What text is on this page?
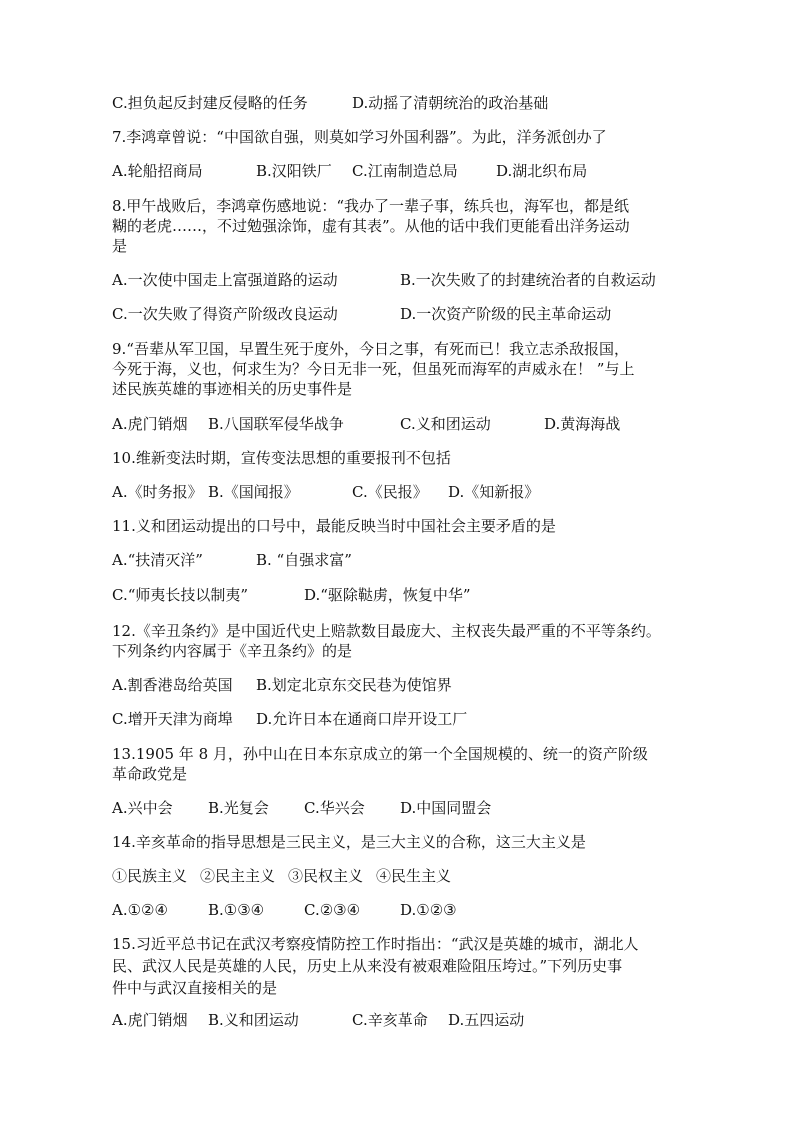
C.担负起反封建反侵略的任务	D.动摇了清朝统治的政治基础
7.李鸿章曾说：“中国欲自强，则莫如学习外国利器”。为此，洋务派创办了
A.轮船招商局	B.汉阳铁厂 C.江南制造总局	D.湖北织布局
8.甲午战败后，李鸿章伤感地说：“我办了一辈子事，练兵也，海军也，都是纸
糊的老虎……，不过勉强涂饰，虚有其表”。从他的话中我们更能看出洋务运动
是
A.一次使中国走上富强道路的运动	B.一次失败了的封建统治者的自救运动
C.一次失败了得资产阶级改良运动	D.一次资产阶级的民主革命运动
9.“吾辈从军卫国，早置生死于度外，今日之事，有死而已！我立志杀敌报国，
今死于海，义也，何求生为？今日无非一死，但虽死而海军的声威永在！ ”与上
述民族英雄的事迹相关的历史事件是
A.虎门销烟 B.八国联军侵华战争	C.义和团运动	D.黄海海战
10.维新变法时期，宣传变法思想的重要报刊不包括
A.《时务报》 B.《国闻报》	C.《民报》 D.《知新报》
11.义和团运动提出的口号中，最能反映当时中国社会主要矛盾的是
A.“扶清灭洋”	B. “自强求富”
C.“师夷长技以制夷”	D.“驱除鞑虏，恢复中华”
12.《辛丑条约》是中国近代史上赔款数目最庞大、主权丧失最严重的不平等条约。
下列条约内容属于《辛丑条约》的是
A.割香港岛给英国 B.划定北京东交民巷为使馆界
C.增开天津为商埠 D.允许日本在通商口岸开设工厂
13.1905 年 8 月，孙中山在日本东京成立的第一个全国规模的、统一的资产阶级
革命政党是
A.兴中会 B.光复会 C.华兴会 D.中国同盟会
14.辛亥革命的指导思想是三民主义，是三大主义的合称，这三大主义是
①民族主义 ②民主主义 ③民权主义 ④民生主义
A.①②④	B.①③④	C.②③④	D.①②③
15.习近平总书记在武汉考察疫情防控工作时指出：“武汉是英雄的城市，湖北人
民、武汉人民是英雄的人民，历史上从来没有被艰难险阻压垮过。”下列历史事
件中与武汉直接相关的是
A.虎门销烟 B.义和团运动	C.辛亥革命 D.五四运动
